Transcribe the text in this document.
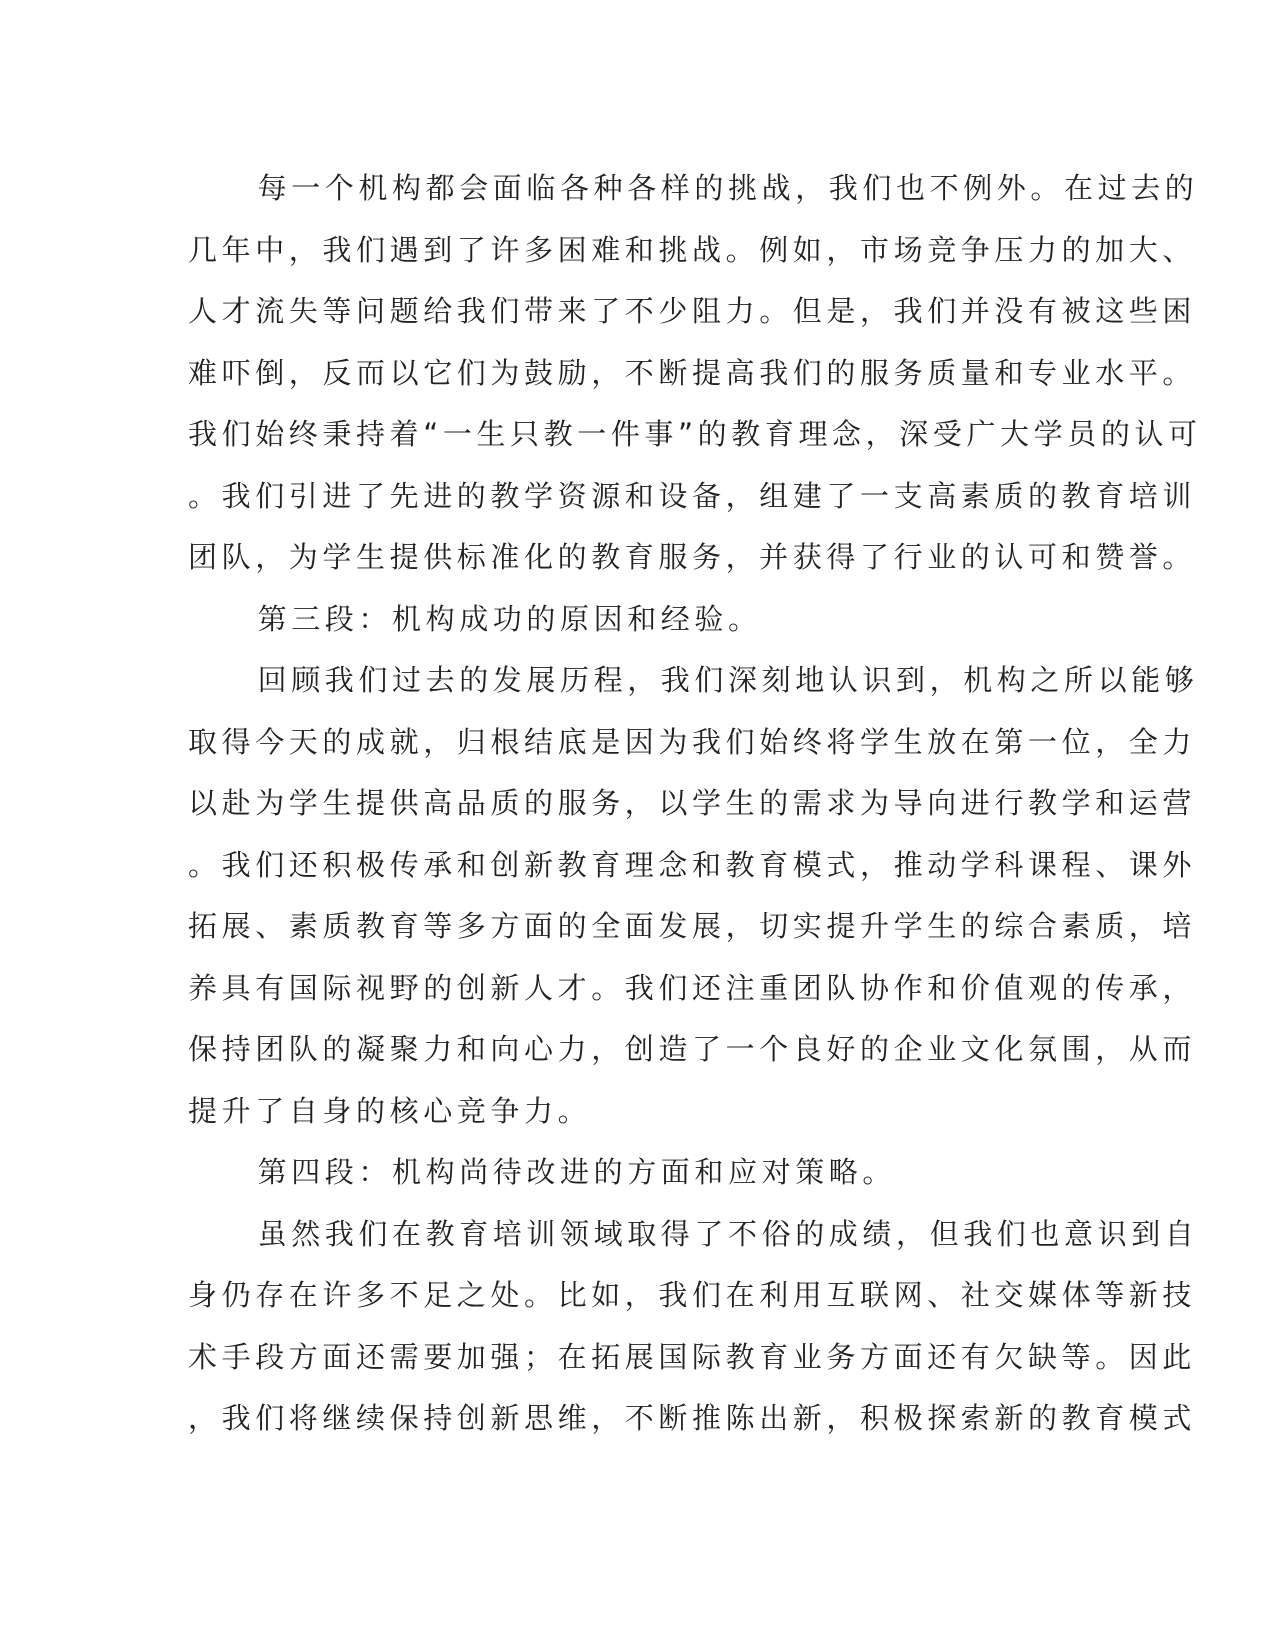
每一个机构都会面临各种各样的挑战，我们也不例外。在过去的
几年中，我们遇到了许多困难和挑战。例如，市场竞争压力的加大、
人才流失等问题给我们带来了不少阻力。但是，我们并没有被这些困
难吓倒，反而以它们为鼓励，不断提高我们的服务质量和专业水平。
我们始终秉持着“一生只教一件事”的教育理念，深受广大学员的认可
。我们引进了先进的教学资源和设备，组建了一支高素质的教育培训
团队，为学生提供标准化的教育服务，并获得了行业的认可和赞誉。

第三段：机构成功的原因和经验。

回顾我们过去的发展历程，我们深刻地认识到，机构之所以能够
取得今天的成就，归根结底是因为我们始终将学生放在第一位，全力
以赴为学生提供高品质的服务，以学生的需求为导向进行教学和运营
。我们还积极传承和创新教育理念和教育模式，推动学科课程、课外
拓展、素质教育等多方面的全面发展，切实提升学生的综合素质，培
养具有国际视野的创新人才。我们还注重团队协作和价值观的传承，
保持团队的凝聚力和向心力，创造了一个良好的企业文化氛围，从而
提升了自身的核心竞争力。

第四段：机构尚待改进的方面和应对策略。

虽然我们在教育培训领域取得了不俗的成绩，但我们也意识到自
身仍存在许多不足之处。比如，我们在利用互联网、社交媒体等新技
术手段方面还需要加强；在拓展国际教育业务方面还有欠缺等。因此
，我们将继续保持创新思维，不断推陈出新，积极探索新的教育模式
